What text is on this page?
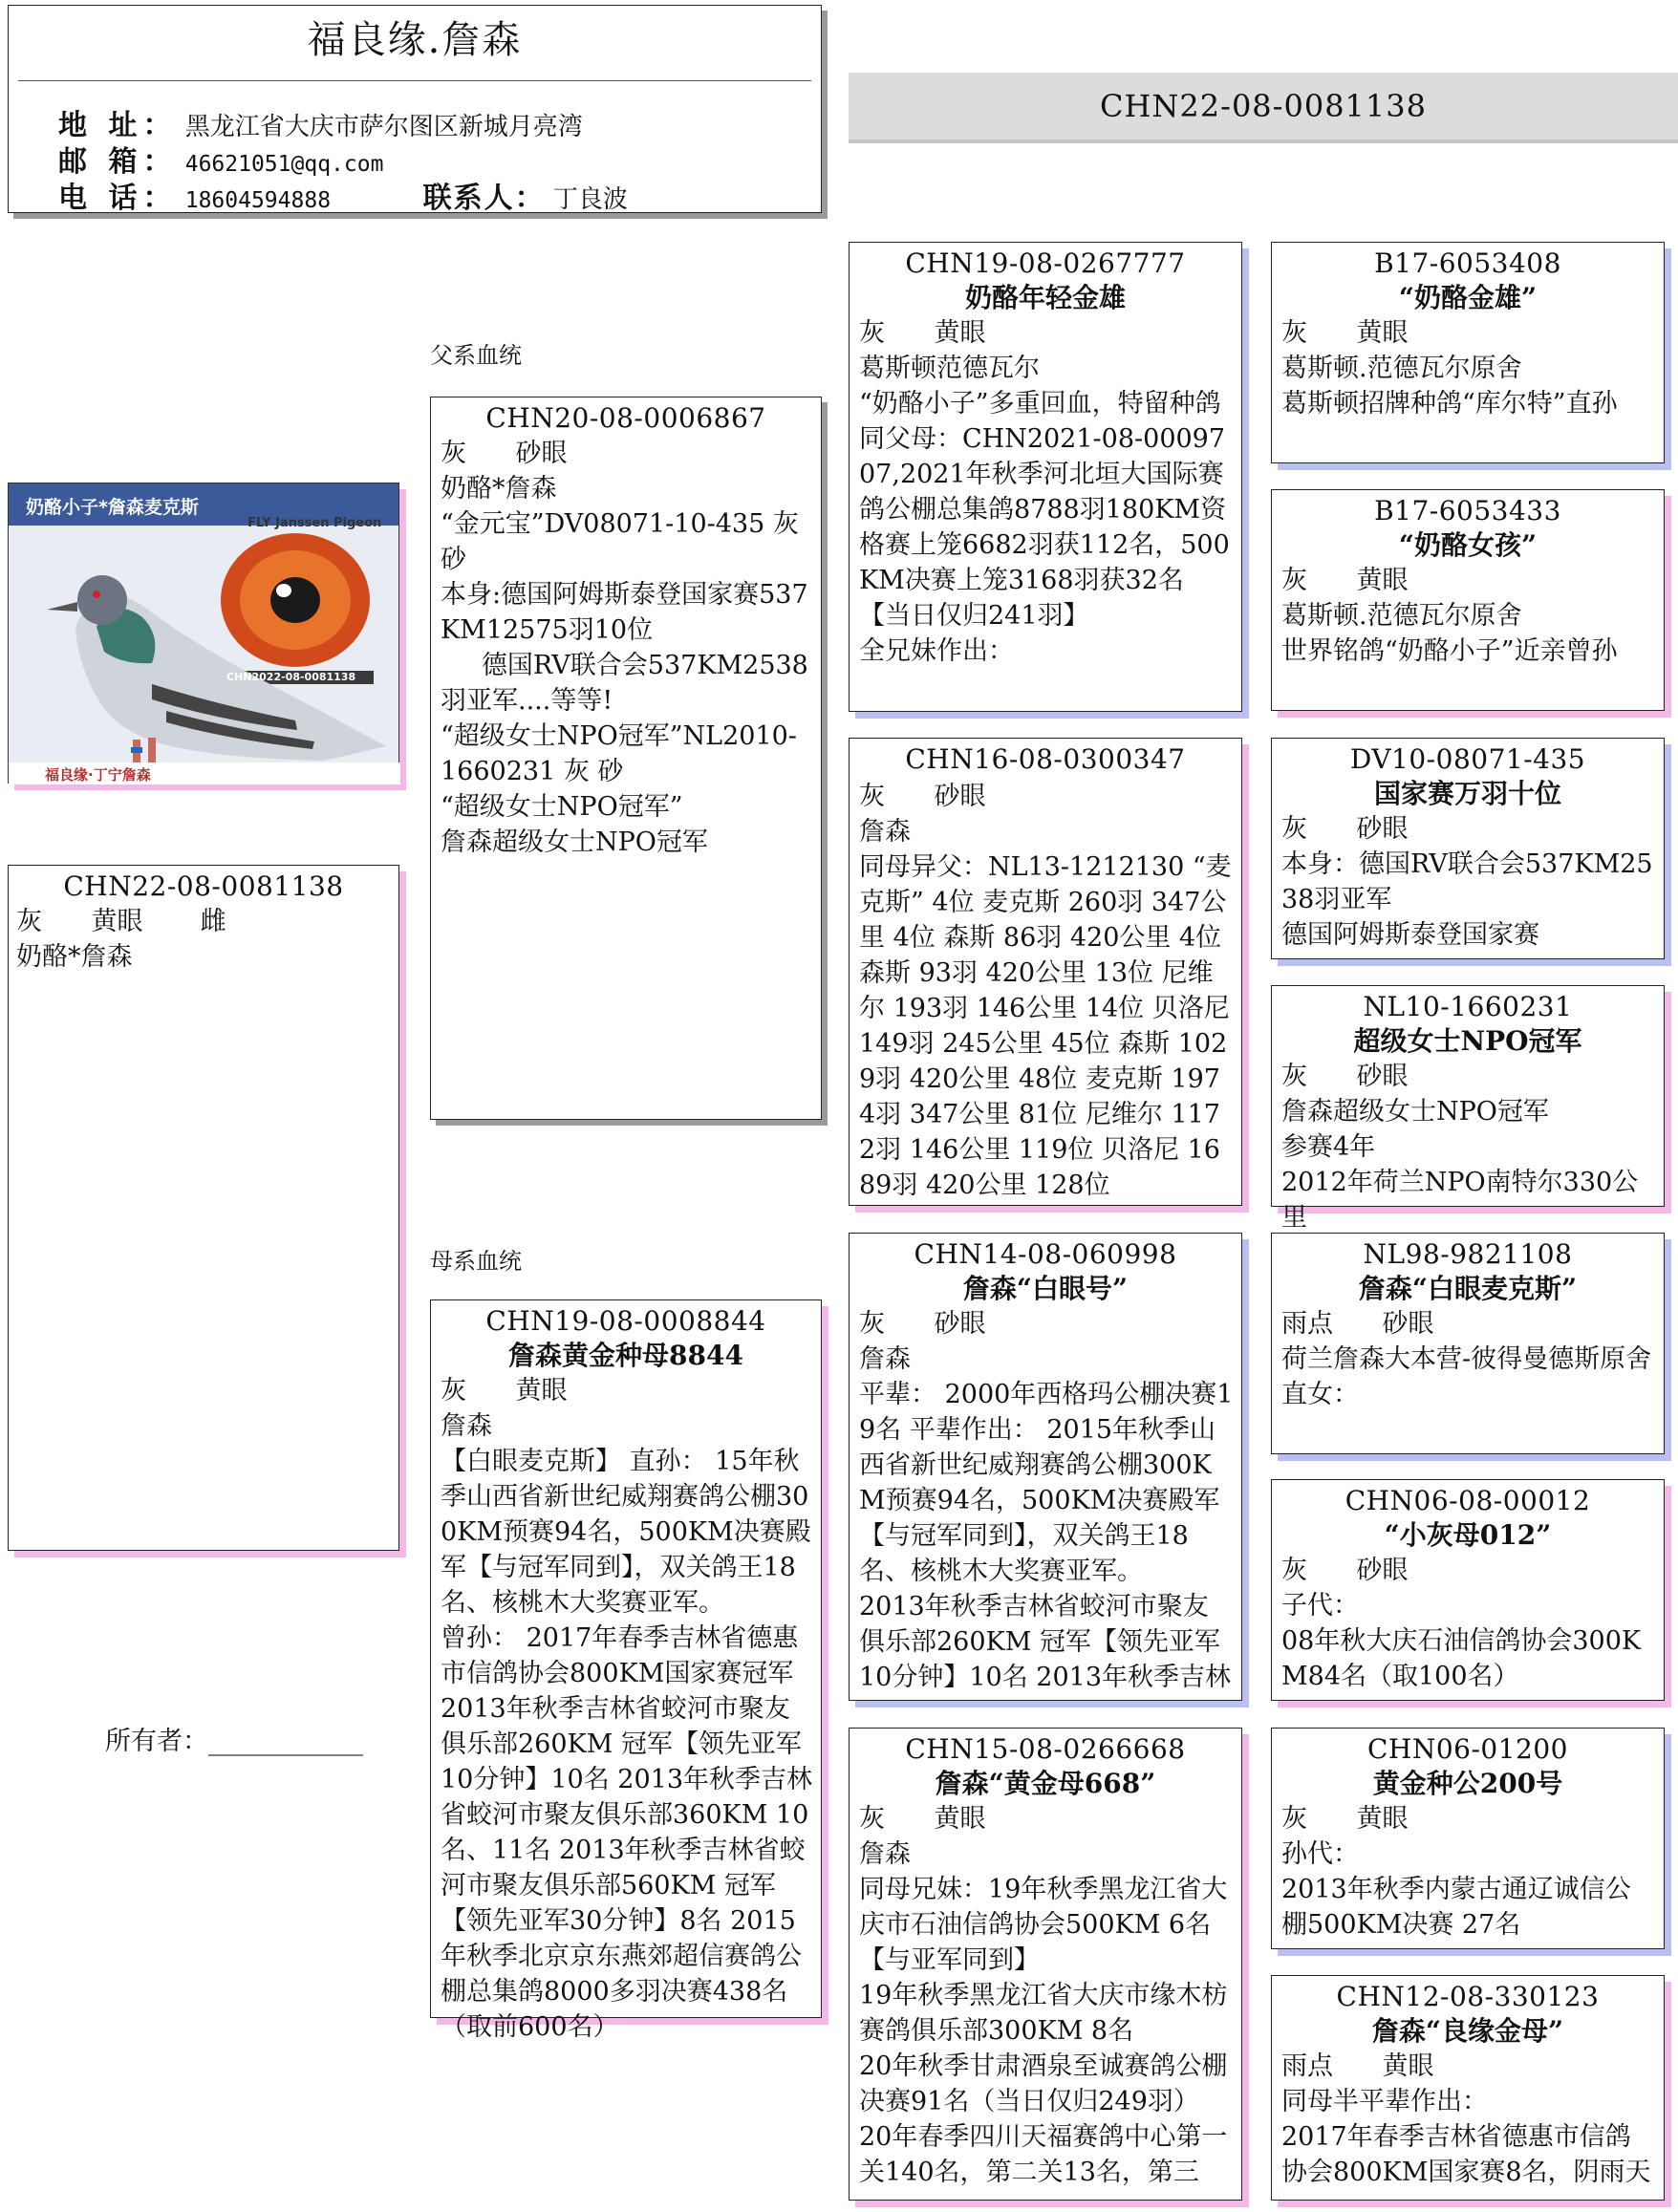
福良缘.詹森
地 址： 黑龙江省大庆市萨尔图区新城月亮湾
邮 箱： 46621051@qq.com
电 话： 18604594888	联系人： 丁良波
CHN22-08-0081138
奶酪小子*詹森麦克斯
FLY Janssen Pigeon
CHN2022-08-0081138
福良缘·丁宁詹森
CHN22-08-0081138
灰      黄眼       雌
奶酪*詹森
所有者：____________
父系血统
母系血统
CHN20-08-0006867
灰      砂眼
奶酪*詹森
“金元宝”DV08071-10-435 灰砂
本身:德国阿姆斯泰登国家赛537KM12575羽10位
德国RV联合会537KM2538羽亚军....等等!
“超级女士NPO冠军”NL2010-1660231 灰 砂
“超级女士NPO冠军”
詹森超级女士NPO冠军
CHN19-08-0008844
詹森黄金种母8844
灰      黄眼
詹森
【白眼麦克斯】 直孙： 15年秋季山西省新世纪威翔赛鸽公棚300KM预赛94名，500KM决赛殿军【与冠军同到】，双关鸽王18名、核桃木大奖赛亚军。
曾孙： 2017年春季吉林省德惠市信鸽协会800KM国家赛冠军 2013年秋季吉林省蛟河市聚友俱乐部260KM 冠军【领先亚军10分钟】10名 2013年秋季吉林省蛟河市聚友俱乐部360KM 10名、11名 2013年秋季吉林省蛟河市聚友俱乐部560KM 冠军【领先亚军30分钟】8名 2015年秋季北京京东燕郊超信赛鸽公棚总集鸽8000多羽决赛438名（取前600名）
CHN19-08-0267777
奶酪年轻金雄
灰      黄眼
葛斯顿范德瓦尔
“奶酪小子”多重回血，特留种鸽
同父母：CHN2021-08-0009707,2021年秋季河北垣大国际赛鸽公棚总集鸽8788羽180KM资格赛上笼6682羽获112名，500KM决赛上笼3168羽获32名【当日仅归241羽】
全兄妹作出：
CHN16-08-0300347
灰      砂眼
詹森
同母异父：NL13-1212130 “麦克斯” 4位 麦克斯 260羽 347公里 4位 森斯 86羽 420公里 4位 森斯 93羽 420公里 13位 尼维尔 193羽 146公里 14位 贝洛尼 149羽 245公里 45位 森斯 1029羽 420公里 48位 麦克斯 1974羽 347公里 81位 尼维尔 1172羽 146公里 119位 贝洛尼 1689羽 420公里 128位
CHN14-08-060998
詹森“白眼号”
灰      砂眼
詹森
平辈： 2000年西格玛公棚决赛19名 平辈作出： 2015年秋季山西省新世纪威翔赛鸽公棚300KM预赛94名，500KM决赛殿军【与冠军同到】，双关鸽王18名、核桃木大奖赛亚军。
2013年秋季吉林省蛟河市聚友俱乐部260KM 冠军【领先亚军10分钟】10名 2013年秋季吉林
CHN15-08-0266668
詹森“黄金母668”
灰      黄眼
詹森
同母兄妹：19年秋季黑龙江省大庆市石油信鸽协会500KM 6名【与亚军同到】
19年秋季黑龙江省大庆市缘木枋赛鸽俱乐部300KM 8名
20年秋季甘肃酒泉至诚赛鸽公棚决赛91名（当日仅归249羽）
20年春季四川天福赛鸽中心第一关140名，第二关13名，第三
B17-6053408
“奶酪金雄”
灰      黄眼
葛斯顿.范德瓦尔原舍
葛斯顿招牌种鸽“库尔特”直孙
B17-6053433
“奶酪女孩”
灰      黄眼
葛斯顿.范德瓦尔原舍
世界铭鸽“奶酪小子”近亲曾孙
DV10-08071-435
国家赛万羽十位
灰      砂眼
本身：德国RV联合会537KM2538羽亚军
德国阿姆斯泰登国家赛
NL10-1660231
超级女士NPO冠军
灰      砂眼
詹森超级女士NPO冠军
参赛4年
2012年荷兰NPO南特尔330公里
NL98-9821108
詹森“白眼麦克斯”
雨点      砂眼
荷兰詹森大本营-彼得曼德斯原舍
直女：
CHN06-08-00012
“小灰母012”
灰      砂眼
子代：
08年秋大庆石油信鸽协会300KM84名（取100名）
CHN06-01200
黄金种公200号
灰      黄眼
孙代：
2013年秋季内蒙古通辽诚信公棚500KM决赛 27名
CHN12-08-330123
詹森“良缘金母”
雨点      黄眼
同母半平辈作出：
2017年春季吉林省德惠市信鸽协会800KM国家赛8名，阴雨天
